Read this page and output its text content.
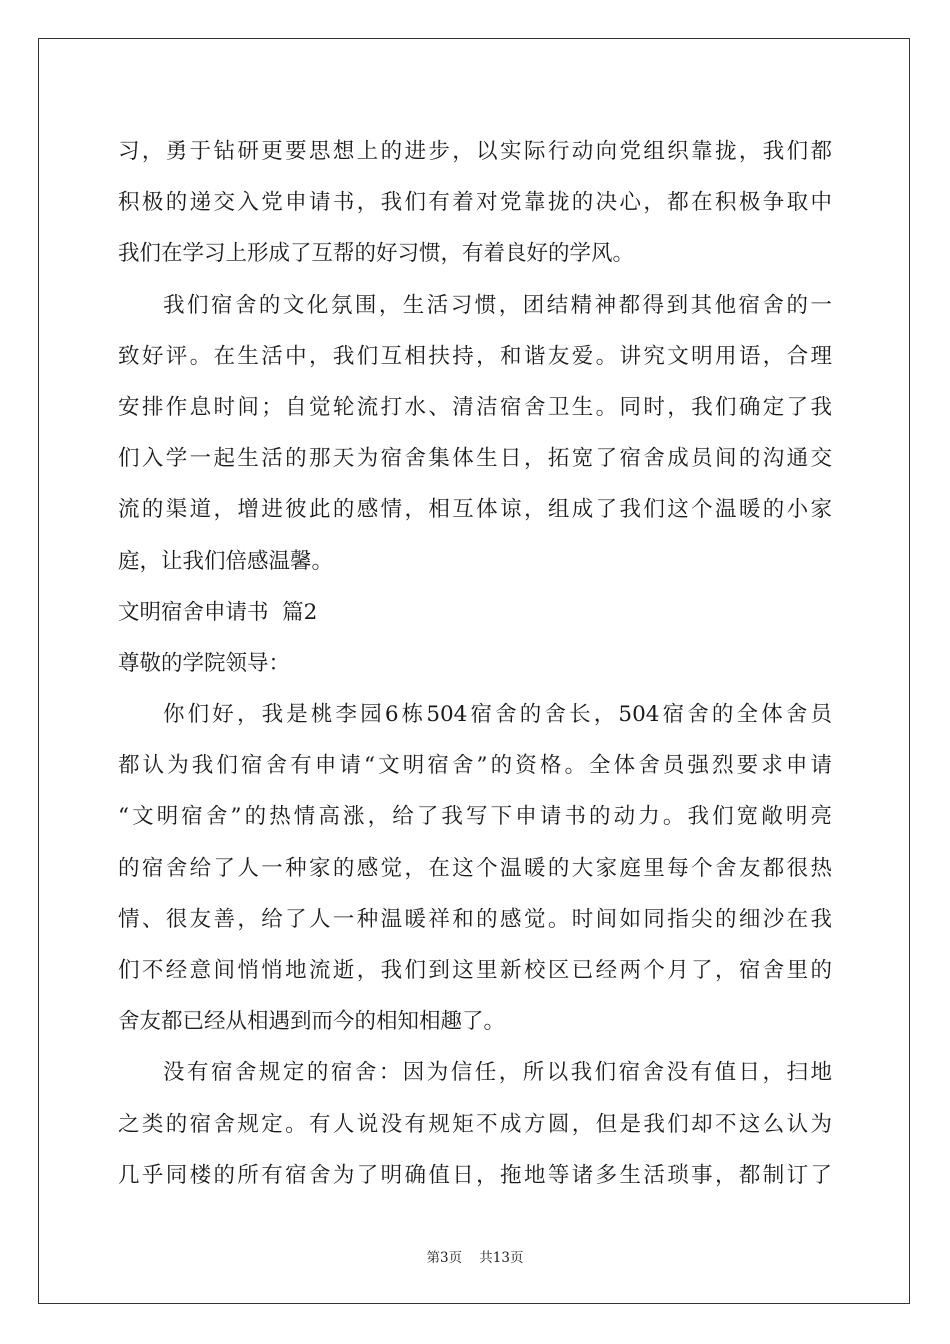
习，勇于钻研更要思想上的进步，以实际行动向党组织靠拢，我们都
积极的递交入党申请书，我们有着对党靠拢的决心，都在积极争取中
我们在学习上形成了互帮的好习惯，有着良好的学风。
我们宿舍的文化氛围，生活习惯，团结精神都得到其他宿舍的一
致好评。在生活中，我们互相扶持，和谐友爱。讲究文明用语，合理
安排作息时间；自觉轮流打水、清洁宿舍卫生。同时，我们确定了我
们入学一起生活的那天为宿舍集体生日，拓宽了宿舍成员间的沟通交
流的渠道，增进彼此的感情，相互体谅，组成了我们这个温暖的小家
庭，让我们倍感温馨。
文明宿舍申请书  篇2
尊敬的学院领导：
你们好，我是桃李园6栋504宿舍的舍长，504宿舍的全体舍员
都认为我们宿舍有申请“文明宿舍”的资格。全体舍员强烈要求申请
“文明宿舍”的热情高涨，给了我写下申请书的动力。我们宽敞明亮
的宿舍给了人一种家的感觉，在这个温暖的大家庭里每个舍友都很热
情、很友善，给了人一种温暖祥和的感觉。时间如同指尖的细沙在我
们不经意间悄悄地流逝，我们到这里新校区已经两个月了，宿舍里的
舍友都已经从相遇到而今的相知相趣了。
没有宿舍规定的宿舍：因为信任，所以我们宿舍没有值日，扫地
之类的宿舍规定。有人说没有规矩不成方圆，但是我们却不这么认为
几乎同楼的所有宿舍为了明确值日，拖地等诸多生活琐事，都制订了
第3页    共13页
